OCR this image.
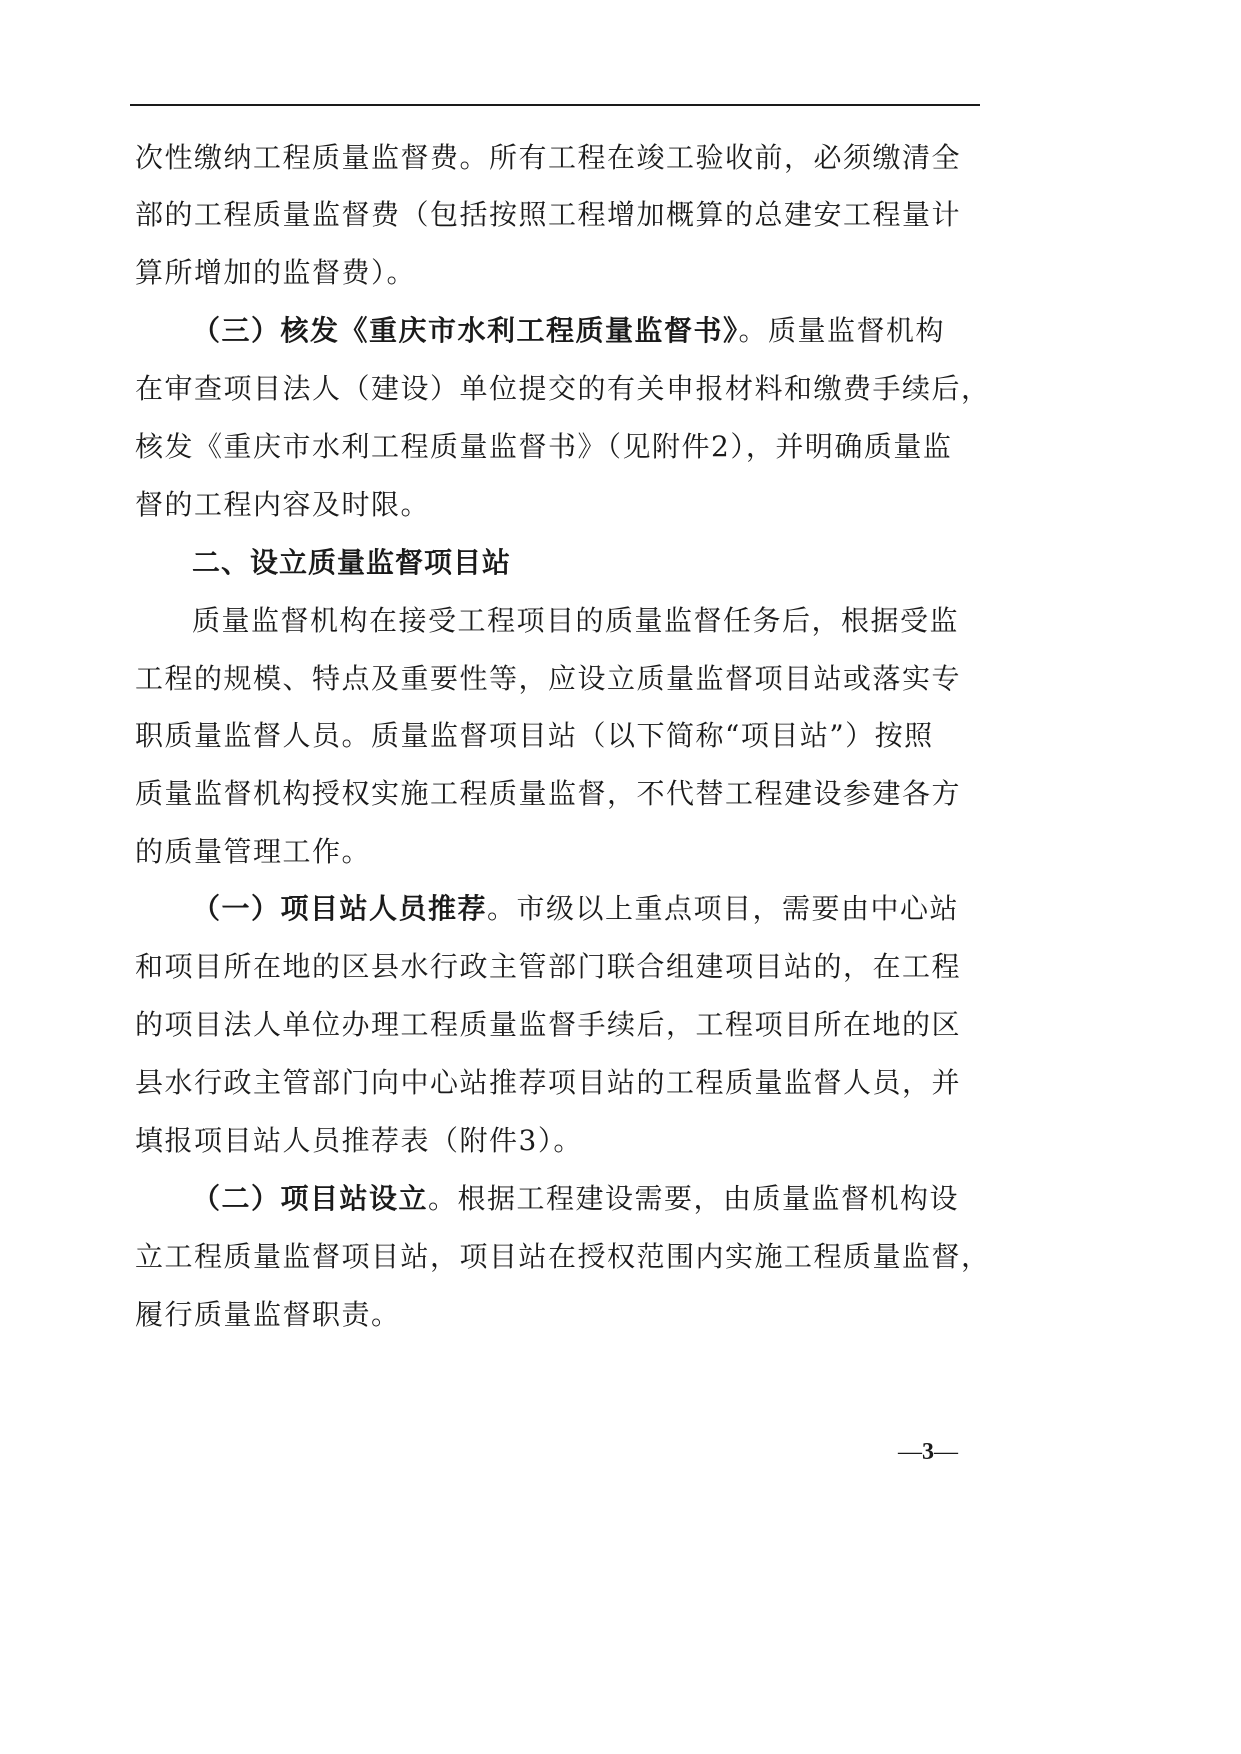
次性缴纳工程质量监督费。所有工程在竣工验收前，必须缴清全
部的工程质量监督费（包括按照工程增加概算的总建安工程量计
算所增加的监督费）。
（三）核发《重庆市水利工程质量监督书》。质量监督机构
在审查项目法人（建设）单位提交的有关申报材料和缴费手续后，
核发《重庆市水利工程质量监督书》（见附件2），并明确质量监
督的工程内容及时限。
二、设立质量监督项目站
质量监督机构在接受工程项目的质量监督任务后，根据受监
工程的规模、特点及重要性等，应设立质量监督项目站或落实专
职质量监督人员。质量监督项目站（以下简称“项目站”）按照
质量监督机构授权实施工程质量监督，不代替工程建设参建各方
的质量管理工作。
（一）项目站人员推荐。市级以上重点项目，需要由中心站
和项目所在地的区县水行政主管部门联合组建项目站的，在工程
的项目法人单位办理工程质量监督手续后，工程项目所在地的区
县水行政主管部门向中心站推荐项目站的工程质量监督人员，并
填报项目站人员推荐表（附件3）。
（二）项目站设立。根据工程建设需要，由质量监督机构设
立工程质量监督项目站，项目站在授权范围内实施工程质量监督，
履行质量监督职责。
—3—
